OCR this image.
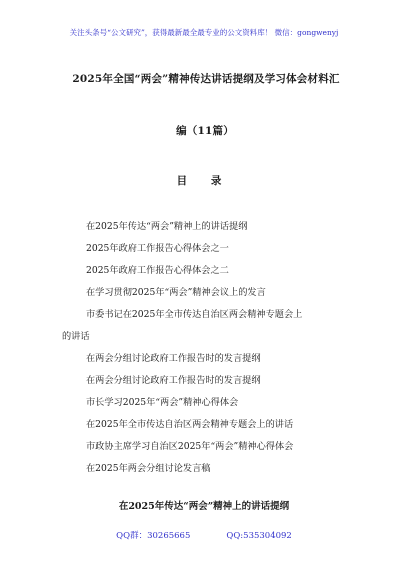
关注头条号“公文研究”，获得最新最全最专业的公文资料库！ 微信：gongwenyj
2025年全国“两会”精神传达讲话提纲及学习体会材料汇
编（11篇）
目 录
在2025年传达“两会”精神上的讲话提纲
2025年政府工作报告心得体会之一
2025年政府工作报告心得体会之二
在学习贯彻2025年“两会”精神会议上的发言
市委书记在2025年全市传达自治区两会精神专题会上
的讲话
在两会分组讨论政府工作报告时的发言提纲
在两会分组讨论政府工作报告时的发言提纲
市长学习2025年“两会”精神心得体会
在2025年全市传达自治区两会精神专题会上的讲话
市政协主席学习自治区2025年“两会”精神心得体会
在2025年两会分组讨论发言稿
在2025年传达“两会”精神上的讲话提纲
QQ群：30265665	QQ:535304092
